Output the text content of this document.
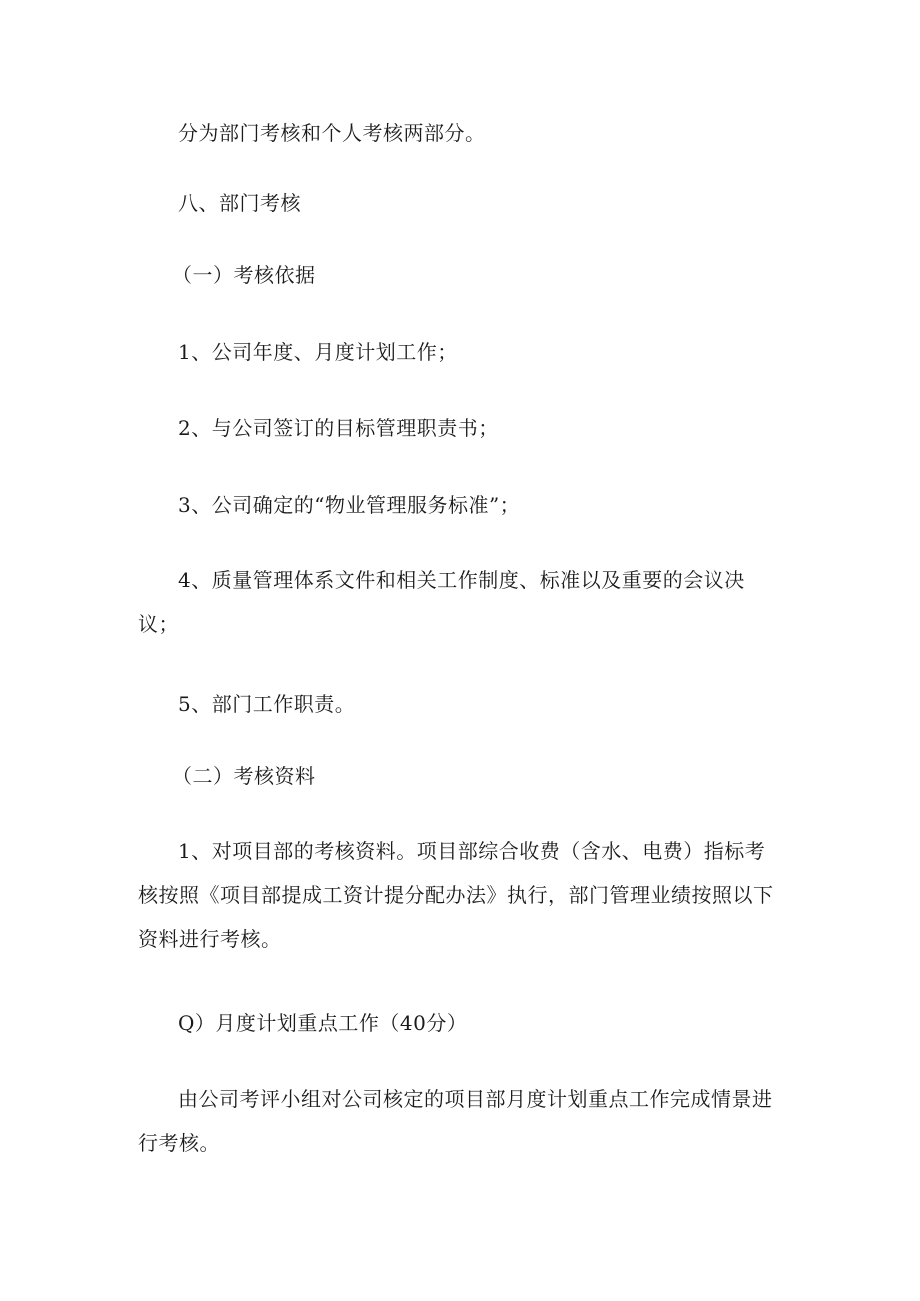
分为部门考核和个人考核两部分。

八、部门考核

（一）考核依据

1、公司年度、月度计划工作；

2、与公司签订的目标管理职责书；

3、公司确定的“物业管理服务标准”；

4、质量管理体系文件和相关工作制度、标准以及重要的会议决议；

5、部门工作职责。

（二）考核资料

1、对项目部的考核资料。项目部综合收费（含水、电费）指标考核按照《项目部提成工资计提分配办法》执行，部门管理业绩按照以下资料进行考核。

Q）月度计划重点工作（40分）

由公司考评小组对公司核定的项目部月度计划重点工作完成情景进行考核。
